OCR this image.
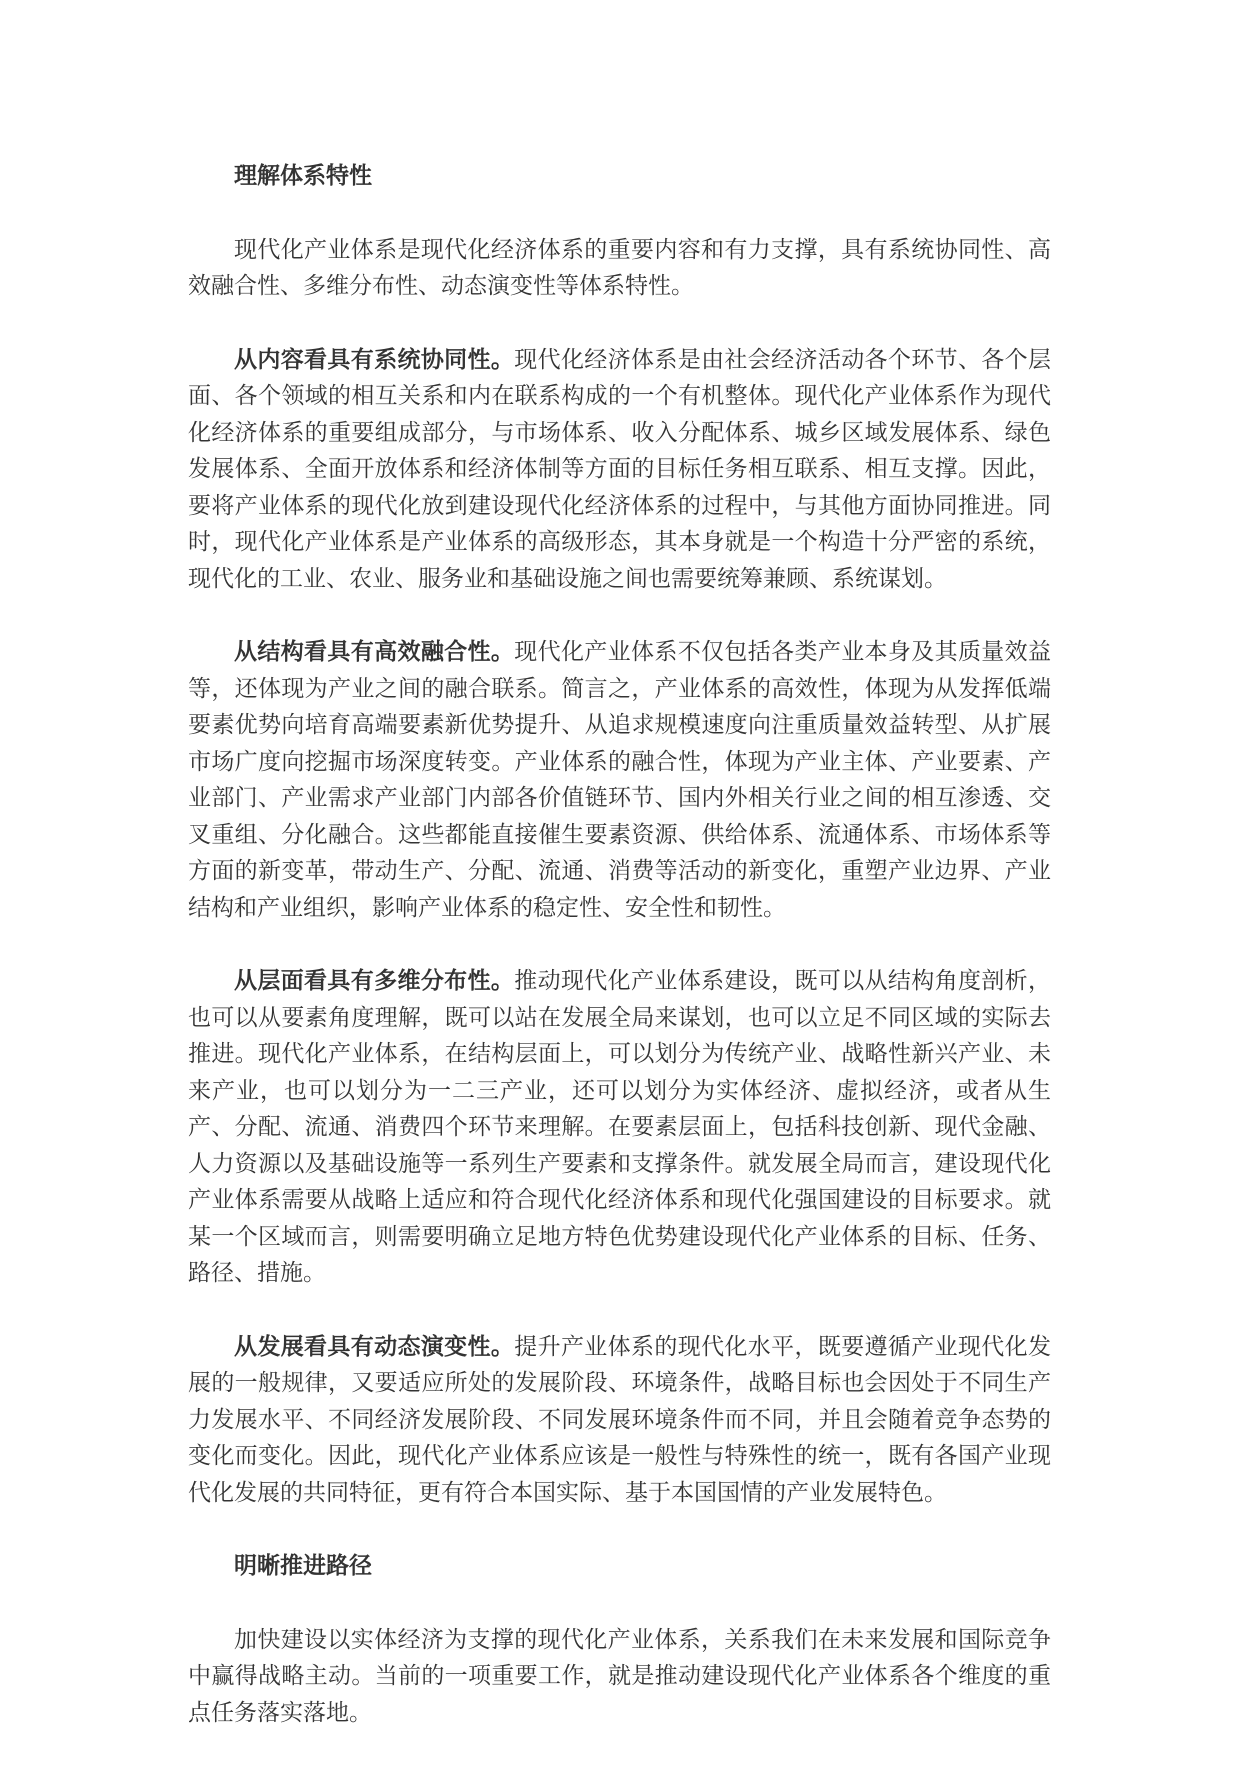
理解体系特性

现代化产业体系是现代化经济体系的重要内容和有力支撑，具有系统协同性、高效融合性、多维分布性、动态演变性等体系特性。

从内容看具有系统协同性。现代化经济体系是由社会经济活动各个环节、各个层面、各个领域的相互关系和内在联系构成的一个有机整体。现代化产业体系作为现代化经济体系的重要组成部分，与市场体系、收入分配体系、城乡区域发展体系、绿色发展体系、全面开放体系和经济体制等方面的目标任务相互联系、相互支撑。因此，要将产业体系的现代化放到建设现代化经济体系的过程中，与其他方面协同推进。同时，现代化产业体系是产业体系的高级形态，其本身就是一个构造十分严密的系统，现代化的工业、农业、服务业和基础设施之间也需要统筹兼顾、系统谋划。

从结构看具有高效融合性。现代化产业体系不仅包括各类产业本身及其质量效益等，还体现为产业之间的融合联系。简言之，产业体系的高效性，体现为从发挥低端要素优势向培育高端要素新优势提升、从追求规模速度向注重质量效益转型、从扩展市场广度向挖掘市场深度转变。产业体系的融合性，体现为产业主体、产业要素、产业部门、产业需求产业部门内部各价值链环节、国内外相关行业之间的相互渗透、交叉重组、分化融合。这些都能直接催生要素资源、供给体系、流通体系、市场体系等方面的新变革，带动生产、分配、流通、消费等活动的新变化，重塑产业边界、产业结构和产业组织，影响产业体系的稳定性、安全性和韧性。

从层面看具有多维分布性。推动现代化产业体系建设，既可以从结构角度剖析，也可以从要素角度理解，既可以站在发展全局来谋划，也可以立足不同区域的实际去推进。现代化产业体系，在结构层面上，可以划分为传统产业、战略性新兴产业、未来产业，也可以划分为一二三产业，还可以划分为实体经济、虚拟经济，或者从生产、分配、流通、消费四个环节来理解。在要素层面上，包括科技创新、现代金融、人力资源以及基础设施等一系列生产要素和支撑条件。就发展全局而言，建设现代化产业体系需要从战略上适应和符合现代化经济体系和现代化强国建设的目标要求。就某一个区域而言，则需要明确立足地方特色优势建设现代化产业体系的目标、任务、路径、措施。

从发展看具有动态演变性。提升产业体系的现代化水平，既要遵循产业现代化发展的一般规律，又要适应所处的发展阶段、环境条件，战略目标也会因处于不同生产力发展水平、不同经济发展阶段、不同发展环境条件而不同，并且会随着竞争态势的变化而变化。因此，现代化产业体系应该是一般性与特殊性的统一，既有各国产业现代化发展的共同特征，更有符合本国实际、基于本国国情的产业发展特色。

明晰推进路径

加快建设以实体经济为支撑的现代化产业体系，关系我们在未来发展和国际竞争中赢得战略主动。当前的一项重要工作，就是推动建设现代化产业体系各个维度的重点任务落实落地。
